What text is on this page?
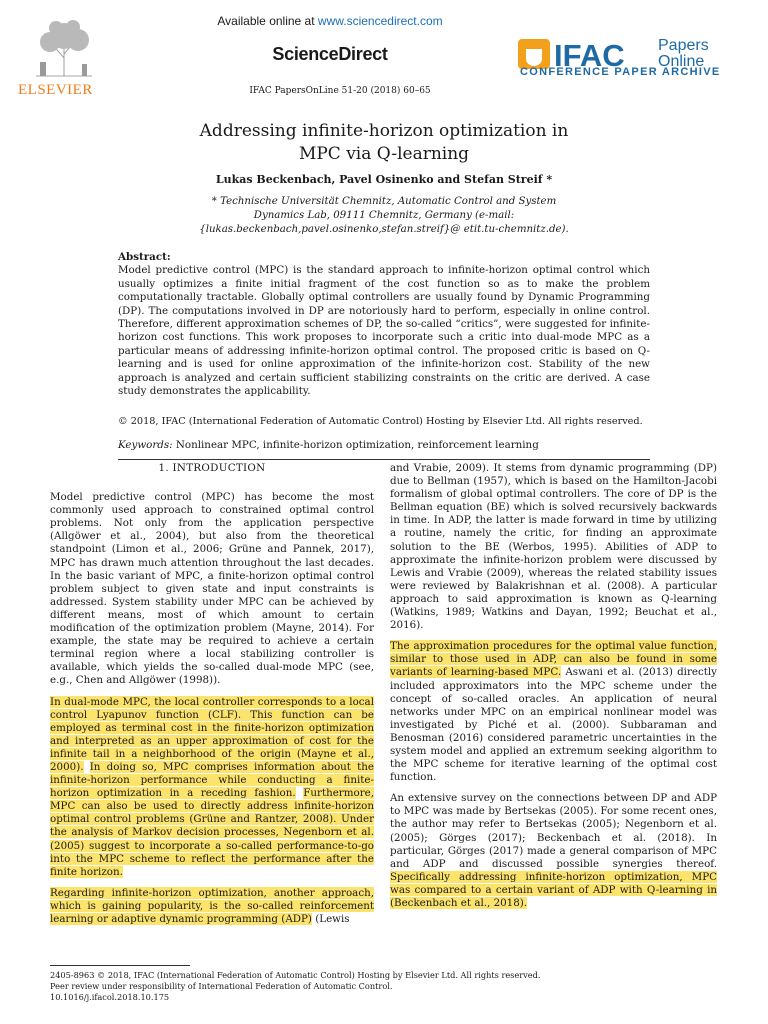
Available online at www.sciencedirect.com
ScienceDirect
IFAC PapersOnLine 51-20 (2018) 60–65
ELSEVIER
IFAC Papers
Online
CONFERENCE PAPER ARCHIVE
Addressing infinite-horizon optimization in
MPC via Q-learning
Lukas Beckenbach, Pavel Osinenko and Stefan Streif *
* Technische Universität Chemnitz, Automatic Control and System
Dynamics Lab, 09111 Chemnitz, Germany (e-mail:
{lukas.beckenbach,pavel.osinenko,stefan.streif}@ etit.tu-chemnitz.de).
Abstract:
Model predictive control (MPC) is the standard approach to infinite-horizon optimal control which usually optimizes a finite initial fragment of the cost function so as to make the problem computationally tractable. Globally optimal controllers are usually found by Dynamic Programming (DP). The computations involved in DP are notoriously hard to perform, especially in online control. Therefore, different approximation schemes of DP, the so-called “critics”, were suggested for infinite-horizon cost functions. This work proposes to incorporate such a critic into dual-mode MPC as a particular means of addressing infinite-horizon optimal control. The proposed critic is based on Q-learning and is used for online approximation of the infinite-horizon cost. Stability of the new approach is analyzed and certain sufficient stabilizing constraints on the critic are derived. A case study demonstrates the applicability.
© 2018, IFAC (International Federation of Automatic Control) Hosting by Elsevier Ltd. All rights reserved.
Keywords: Nonlinear MPC, infinite-horizon optimization, reinforcement learning

1. INTRODUCTION

Model predictive control (MPC) has become the most commonly used approach to constrained optimal control problems. Not only from the application perspective (Allgöwer et al., 2004), but also from the theoretical standpoint (Limon et al., 2006; Grüne and Pannek, 2017), MPC has drawn much attention throughout the last decades. In the basic variant of MPC, a finite-horizon optimal control problem subject to given state and input constraints is addressed. System stability under MPC can be achieved by different means, most of which amount to certain modification of the optimization problem (Mayne, 2014). For example, the state may be required to achieve a certain terminal region where a local stabilizing controller is available, which yields the so-called dual-mode MPC (see, e.g., Chen and Allgöwer (1998)).

In dual-mode MPC, the local controller corresponds to a local control Lyapunov function (CLF). This function can be employed as terminal cost in the finite-horizon optimization and interpreted as an upper approximation of cost for the infinite tail in a neighborhood of the origin (Mayne et al., 2000). In doing so, MPC comprises information about the infinite-horizon performance while conducting a finite-horizon optimization in a receding fashion. Furthermore, MPC can also be used to directly address infinite-horizon optimal control problems (Grüne and Rantzer, 2008). Under the analysis of Markov decision processes, Negenborn et al. (2005) suggest to incorporate a so-called performance-to-go into the MPC scheme to reflect the performance after the finite horizon.

Regarding infinite-horizon optimization, another approach, which is gaining popularity, is the so-called reinforcement learning or adaptive dynamic programming (ADP) (Lewis

and Vrabie, 2009). It stems from dynamic programming (DP) due to Bellman (1957), which is based on the Hamilton-Jacobi formalism of global optimal controllers. The core of DP is the Bellman equation (BE) which is solved recursively backwards in time. In ADP, the latter is made forward in time by utilizing a routine, namely the critic, for finding an approximate solution to the BE (Werbos, 1995). Abilities of ADP to approximate the infinite-horizon problem were discussed by Lewis and Vrabie (2009), whereas the related stability issues were reviewed by Balakrishnan et al. (2008). A particular approach to said approximation is known as Q-learning (Watkins, 1989; Watkins and Dayan, 1992; Beuchat et al., 2016).

The approximation procedures for the optimal value function, similar to those used in ADP, can also be found in some variants of learning-based MPC. Aswani et al. (2013) directly included approximators into the MPC scheme under the concept of so-called oracles. An application of neural networks under MPC on an empirical nonlinear model was investigated by Piché et al. (2000). Subbaraman and Benosman (2016) considered parametric uncertainties in the system model and applied an extremum seeking algorithm to the MPC scheme for iterative learning of the optimal cost function.

An extensive survey on the connections between DP and ADP to MPC was made by Bertsekas (2005). For some recent ones, the author may refer to Bertsekas (2005); Negenborn et al. (2005); Görges (2017); Beckenbach et al. (2018). In particular, Görges (2017) made a general comparison of MPC and ADP and discussed possible synergies thereof. Specifically addressing infinite-horizon optimization, MPC was compared to a certain variant of ADP with Q-learning in (Beckenbach et al., 2018).

2405-8963 © 2018, IFAC (International Federation of Automatic Control) Hosting by Elsevier Ltd. All rights reserved.
Peer review under responsibility of International Federation of Automatic Control.
10.1016/j.ifacol.2018.10.175
